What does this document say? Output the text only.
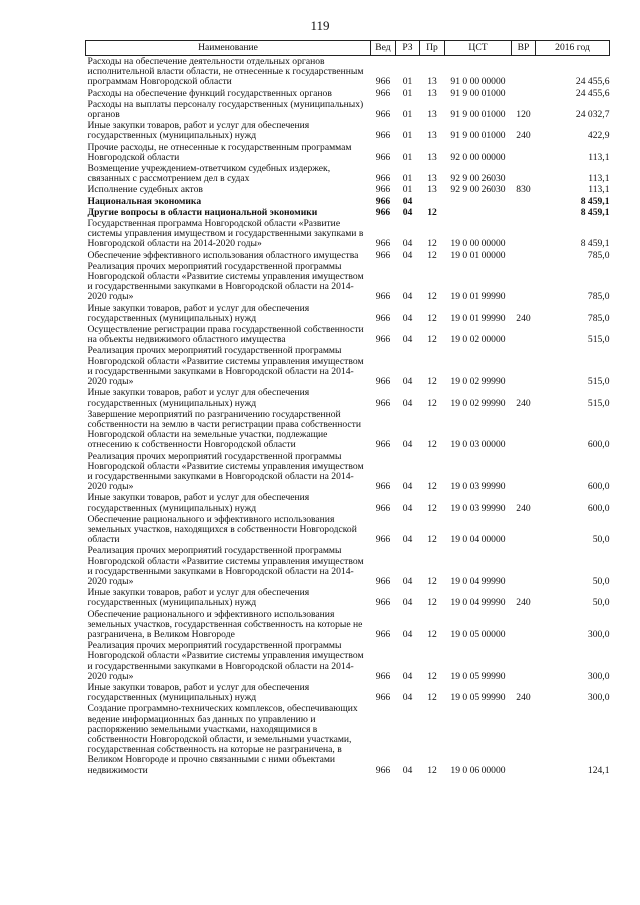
119
Наименование	Вед	РЗ	Пр	ЦСТ	ВР	2016 год
Расходы на обеспечение деятельности отдельных органов исполнительной власти области, не отнесенные к государственным программам Новгородской области	966	01	13	91 0 00 00000		24 455,6
Расходы на обеспечение функций государственных органов	966	01	13	91 9 00 01000		24 455,6
Расходы на выплаты персоналу государственных (муниципальных) органов	966	01	13	91 9 00 01000	120	24 032,7
Иные закупки товаров, работ и услуг для обеспечения государственных (муниципальных) нужд	966	01	13	91 9 00 01000	240	422,9
Прочие расходы, не отнесенные к государственным программам Новгородской области	966	01	13	92 0 00 00000		113,1
Возмещение учреждением-ответчиком судебных издержек, связанных с рассмотрением дел в судах	966	01	13	92 9 00 26030		113,1
Исполнение судебных актов	966	01	13	92 9 00 26030	830	113,1
Национальная экономика	966	04				8 459,1
Другие вопросы в области национальной экономики	966	04	12			8 459,1
Государственная программа Новгородской области «Развитие системы управления имуществом и государственными закупками в Новгородской области на 2014-2020 годы»	966	04	12	19 0 00 00000		8 459,1
Обеспечение эффективного использования областного имущества	966	04	12	19 0 01 00000		785,0
Реализация прочих мероприятий государственной программы Новгородской области «Развитие системы управления имуществом и государственными закупками в Новгородской области на 2014-2020 годы»	966	04	12	19 0 01 99990		785,0
Иные закупки товаров, работ и услуг для обеспечения государственных (муниципальных) нужд	966	04	12	19 0 01 99990	240	785,0
Осуществление регистрации права государственной собственности на объекты недвижимого областного имущества	966	04	12	19 0 02 00000		515,0
Реализация прочих мероприятий государственной программы Новгородской области «Развитие системы управления имуществом и государственными закупками в Новгородской области на 2014-2020 годы»	966	04	12	19 0 02 99990		515,0
Иные закупки товаров, работ и услуг для обеспечения государственных (муниципальных) нужд	966	04	12	19 0 02 99990	240	515,0
Завершение мероприятий по разграничению государственной собственности на землю в части регистрации права собственности Новгородской области на земельные участки, подлежащие отнесению к собственности Новгородской области	966	04	12	19 0 03 00000		600,0
Реализация прочих мероприятий государственной программы Новгородской области «Развитие системы управления имуществом и государственными закупками в Новгородской области на 2014-2020 годы»	966	04	12	19 0 03 99990		600,0
Иные закупки товаров, работ и услуг для обеспечения государственных (муниципальных) нужд	966	04	12	19 0 03 99990	240	600,0
Обеспечение рационального и эффективного использования земельных участков, находящихся в собственности Новгородской области	966	04	12	19 0 04 00000		50,0
Реализация прочих мероприятий государственной программы Новгородской области «Развитие системы управления имуществом и государственными закупками в Новгородской области на 2014-2020 годы»	966	04	12	19 0 04 99990		50,0
Иные закупки товаров, работ и услуг для обеспечения государственных (муниципальных) нужд	966	04	12	19 0 04 99990	240	50,0
Обеспечение рационального и эффективного использования земельных участков, государственная собственность на которые не разграничена, в Великом Новгороде	966	04	12	19 0 05 00000		300,0
Реализация прочих мероприятий государственной программы Новгородской области «Развитие системы управления имуществом и государственными закупками в Новгородской области на 2014-2020 годы»	966	04	12	19 0 05 99990		300,0
Иные закупки товаров, работ и услуг для обеспечения государственных (муниципальных) нужд	966	04	12	19 0 05 99990	240	300,0
Создание программно-технических комплексов, обеспечивающих ведение информационных баз данных по управлению и распоряжению земельными участками, находящимися в собственности Новгородской области, и земельными участками, государственная собственность на которые не разграничена, в Великом Новгороде и прочно связанными с ними объектами недвижимости	966	04	12	19 0 06 00000		124,1
